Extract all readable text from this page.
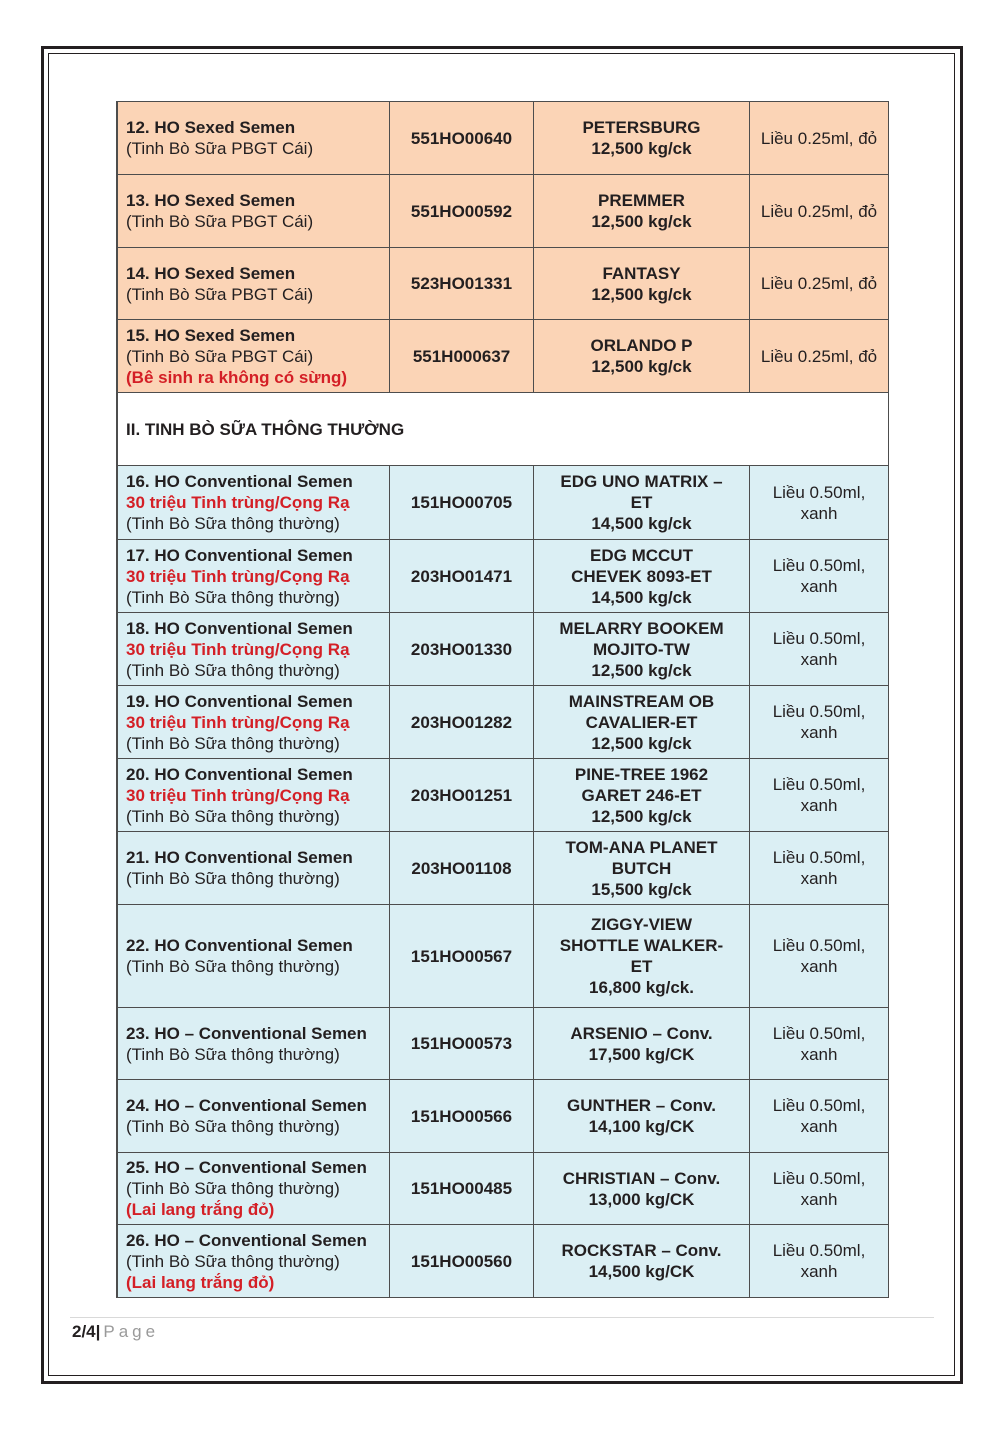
12. HO Sexed Semen
(Tinh Bò Sữa PBGT Cái)	551HO00640	PETERSBURG
12,500 kg/ck	Liều 0.25ml, đỏ

13. HO Sexed Semen
(Tinh Bò Sữa PBGT Cái)	551HO00592	PREMMER
12,500 kg/ck	Liều 0.25ml, đỏ

14. HO Sexed Semen
(Tinh Bò Sữa PBGT Cái)	523HO01331	FANTASY
12,500 kg/ck	Liều 0.25ml, đỏ

15. HO Sexed Semen
(Tinh Bò Sữa PBGT Cái)
(Bê sinh ra không có sừng)	551H000637	ORLANDO P
12,500 kg/ck	Liều 0.25ml, đỏ

II. TINH BÒ SỮA THÔNG THƯỜNG			

16. HO Conventional Semen
30 triệu Tinh trùng/Cọng Rạ
(Tinh Bò Sữa thông thường)	151HO00705	EDG UNO MATRIX –
ET
14,500 kg/ck	Liều 0.50ml,
xanh

17. HO Conventional Semen
30 triệu Tinh trùng/Cọng Rạ
(Tinh Bò Sữa thông thường)	203HO01471	EDG MCCUT
CHEVEK 8093-ET
14,500 kg/ck	Liều 0.50ml,
xanh

18. HO Conventional Semen
30 triệu Tinh trùng/Cọng Rạ
(Tinh Bò Sữa thông thường)	203HO01330	MELARRY BOOKEM
MOJITO-TW
12,500 kg/ck	Liều 0.50ml,
xanh

19. HO Conventional Semen
30 triệu Tinh trùng/Cọng Rạ
(Tinh Bò Sữa thông thường)	203HO01282	MAINSTREAM OB
CAVALIER-ET
12,500 kg/ck	Liều 0.50ml,
xanh

20. HO Conventional Semen
30 triệu Tinh trùng/Cọng Rạ
(Tinh Bò Sữa thông thường)	203HO01251	PINE-TREE 1962
GARET 246-ET
12,500 kg/ck	Liều 0.50ml,
xanh

21. HO Conventional Semen
(Tinh Bò Sữa thông thường)	203HO01108	TOM-ANA PLANET
BUTCH
15,500 kg/ck	Liều 0.50ml,
xanh

22. HO Conventional Semen
(Tinh Bò Sữa thông thường)	151HO00567	ZIGGY-VIEW
SHOTTLE WALKER-
ET
16,800 kg/ck.	Liều 0.50ml,
xanh

23. HO – Conventional Semen
(Tinh Bò Sữa thông thường)	151HO00573	ARSENIO – Conv.
17,500 kg/CK	Liều 0.50ml,
xanh

24. HO – Conventional Semen
(Tinh Bò Sữa thông thường)	151HO00566	GUNTHER – Conv.
14,100 kg/CK	Liều 0.50ml,
xanh

25. HO – Conventional Semen
(Tinh Bò Sữa thông thường)
(Lai lang trắng đỏ)	151HO00485	CHRISTIAN – Conv.
13,000 kg/CK	Liều 0.50ml,
xanh

26. HO – Conventional Semen
(Tinh Bò Sữa thông thường)
(Lai lang trắng đỏ)	151HO00560	ROCKSTAR – Conv.
14,500 kg/CK	Liều 0.50ml,
xanh
2/4| Page
